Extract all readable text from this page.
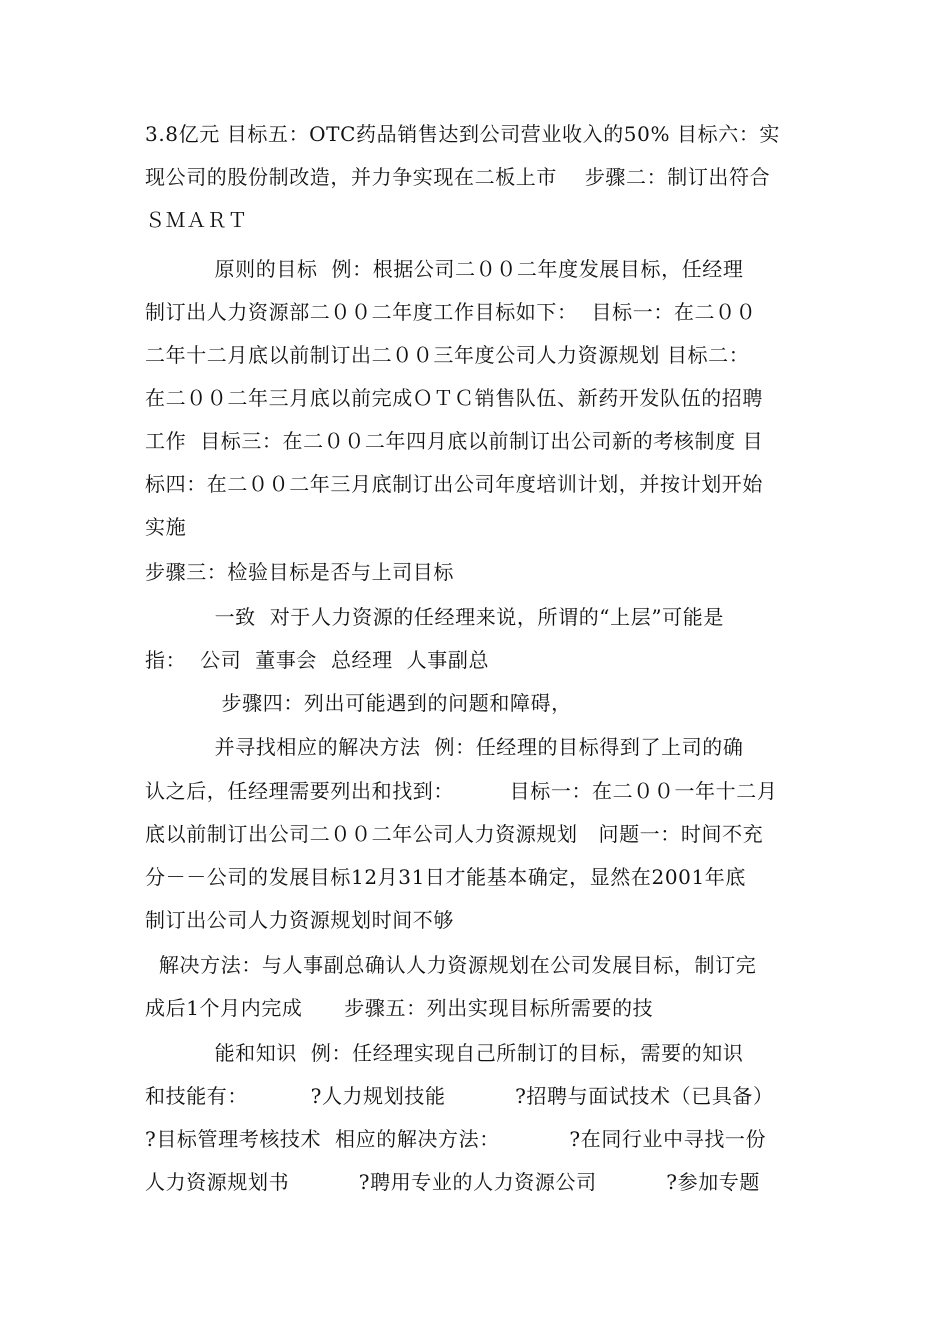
3.8亿元 目标五：OTC药品销售达到公司营业收入的50% 目标六：实
现公司的股份制改造，并力争实现在二板上市    步骤二：制订出符合
ＳＭＡＲＴ
原则的目标  例：根据公司二００二年度发展目标，任经理
制订出人力资源部二００二年度工作目标如下：  目标一：在二００
二年十二月底以前制订出二００三年度公司人力资源规划 目标二：
在二００二年三月底以前完成ＯＴＣ销售队伍、新药开发队伍的招聘
工作  目标三：在二００二年四月底以前制订出公司新的考核制度 目
标四：在二００二年三月底制订出公司年度培训计划，并按计划开始
实施
步骤三：检验目标是否与上司目标
一致  对于人力资源的任经理来说，所谓的“上层”可能是
指：  公司  董事会  总经理  人事副总
步骤四：列出可能遇到的问题和障碍，
并寻找相应的解决方法  例：任经理的目标得到了上司的确
认之后，任经理需要列出和找到：        目标一：在二００一年十二月
底以前制订出公司二００二年公司人力资源规划   问题一：时间不充
分－－公司的发展目标12月31日才能基本确定，显然在2001年底
制订出公司人力资源规划时间不够
解决方法：与人事副总确认人力资源规划在公司发展目标，制订完
成后1个月内完成      步骤五：列出实现目标所需要的技
能和知识  例：任经理实现自己所制订的目标，需要的知识
和技能有：         ?人力规划技能          ?招聘与面试技术（已具备）
?目标管理考核技术  相应的解决方法：          ?在同行业中寻找一份
人力资源规划书          ?聘用专业的人力资源公司          ?参加专题
